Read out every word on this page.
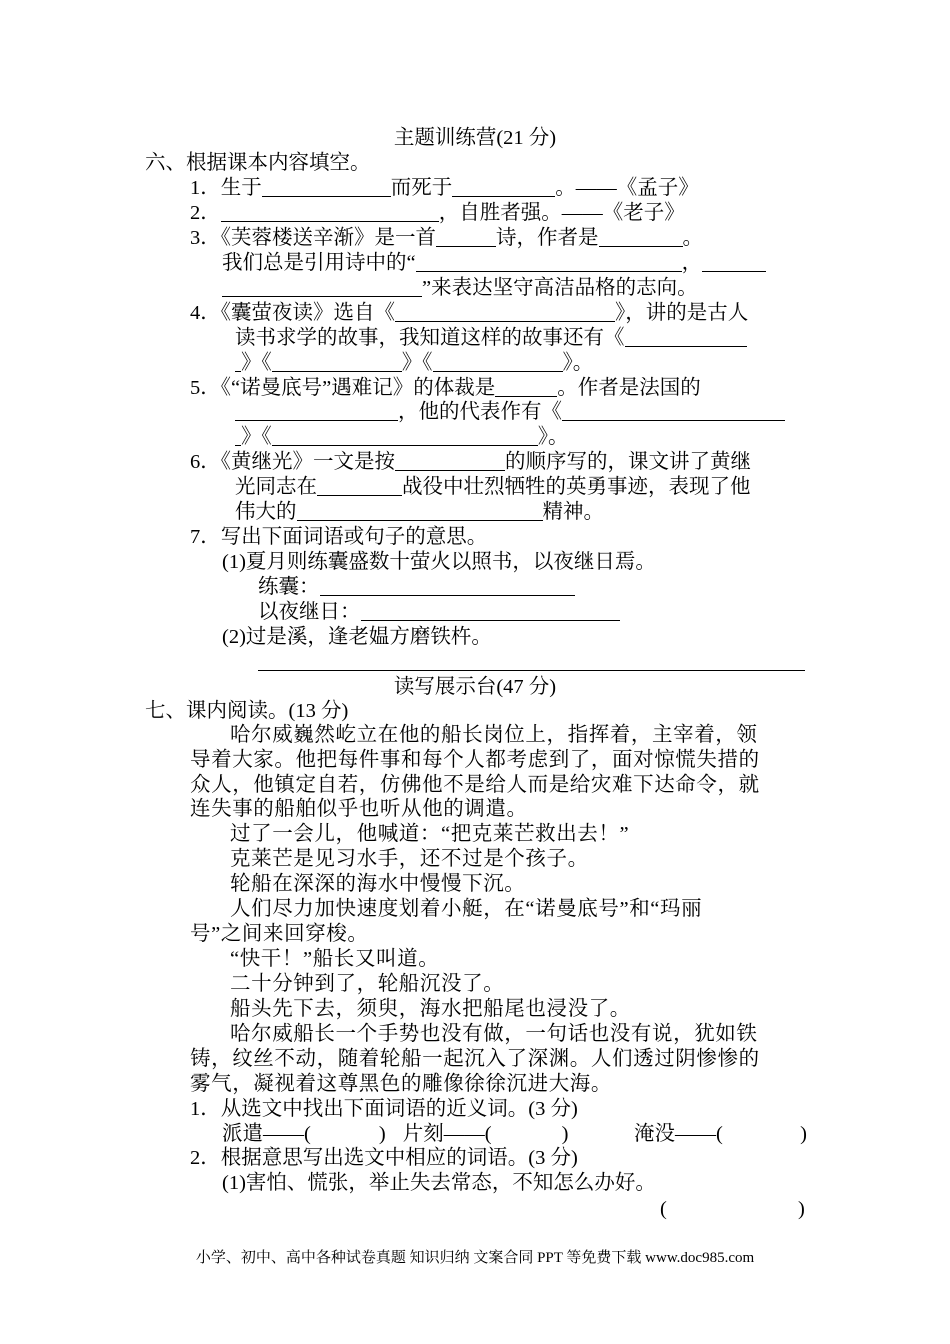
主题训练营(21 分)
六、根据课本内容填空。
1．生于	而死于	。——《孟子》
2．	，自胜者强。——《老子》
3．《芙蓉楼送辛渐》是一首	诗，作者是	。
我们总是引用诗中的“	，
”来表达坚守高洁品格的志向。
4．《囊萤夜读》选自《	》，讲的是古人
读书求学的故事，我知道这样的故事还有《
》《	》《	》。
5．《“诺曼底号”遇难记》的体裁是	。作者是法国的
，他的代表作有《
》《	》。
6．《黄继光》一文是按	的顺序写的，课文讲了黄继
光同志在	战役中壮烈牺牲的英勇事迹，表现了他
伟大的	精神。
7．写出下面词语或句子的意思。
(1)夏月则练囊盛数十萤火以照书，以夜继日焉。
练囊：
以夜继日：
(2)过是溪，逢老媪方磨铁杵。
读写展示台(47 分)
七、课内阅读。(13 分)
哈尔威巍然屹立在他的船长岗位上，指挥着，主宰着，领
导着大家。他把每件事和每个人都考虑到了，面对惊慌失措的
众人，他镇定自若，仿佛他不是给人而是给灾难下达命令，就
连失事的船舶似乎也听从他的调遣。
过了一会儿，他喊道：“把克莱芒救出去！”
克莱芒是见习水手，还不过是个孩子。
轮船在深深的海水中慢慢下沉。
人们尽力加快速度划着小艇，在“诺曼底号”和“玛丽
号”之间来回穿梭。
“快干！”船长又叫道。
二十分钟到了，轮船沉没了。
船头先下去，须臾，海水把船尾也浸没了。
哈尔威船长一个手势也没有做，一句话也没有说，犹如铁
铸，纹丝不动，随着轮船一起沉入了深渊。人们透过阴惨惨的
雾气，凝视着这尊黑色的雕像徐徐沉进大海。
1．从选文中找出下面词语的近义词。(3 分)
派遣——(	) 片刻——(	)	淹没——(	)
2．根据意思写出选文中相应的词语。(3 分)
(1)害怕、慌张，举止失去常态，不知怎么办好。
(	)
小学、初中、高中各种试卷真题 知识归纳 文案合同 PPT 等免费下载 www.doc985.com
